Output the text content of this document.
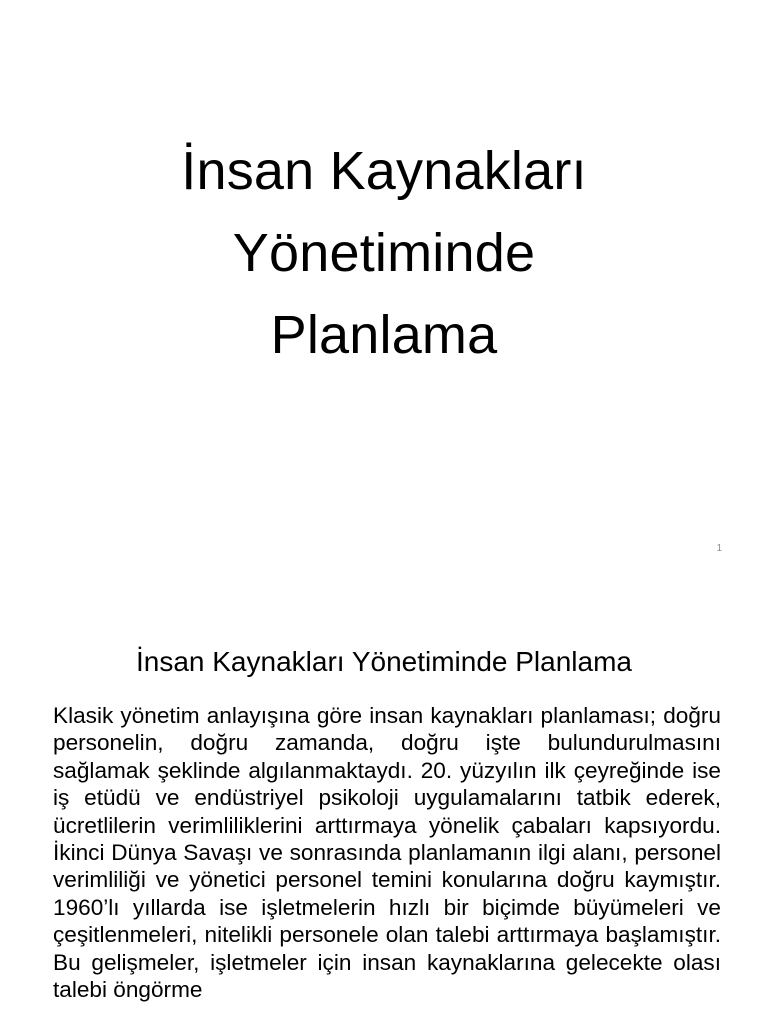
İnsan Kaynakları
Yönetiminde
Planlama
1
İnsan Kaynakları Yönetiminde Planlama

Klasik yönetim anlayışına göre insan kaynakları planlaması; doğru personelin, doğru zamanda, doğru işte bulundurulmasını sağlamak şeklinde algılanmaktaydı. 20. yüzyılın ilk çeyreğinde ise iş etüdü ve endüstriyel psikoloji uygulamalarını tatbik ederek, ücretlilerin verimliliklerini arttırmaya yönelik çabaları kapsıyordu. İkinci Dünya Savaşı ve sonrasında planlamanın ilgi alanı, personel verimliliği ve yönetici personel temini konularına doğru kaymıştır. 1960’lı yıllarda ise işletmelerin hızlı bir biçimde büyümeleri ve çeşitlenmeleri, nitelikli personele olan talebi arttırmaya başlamıştır. Bu gelişmeler, işletmeler için insan kaynaklarına gelecekte olası talebi öngörme
